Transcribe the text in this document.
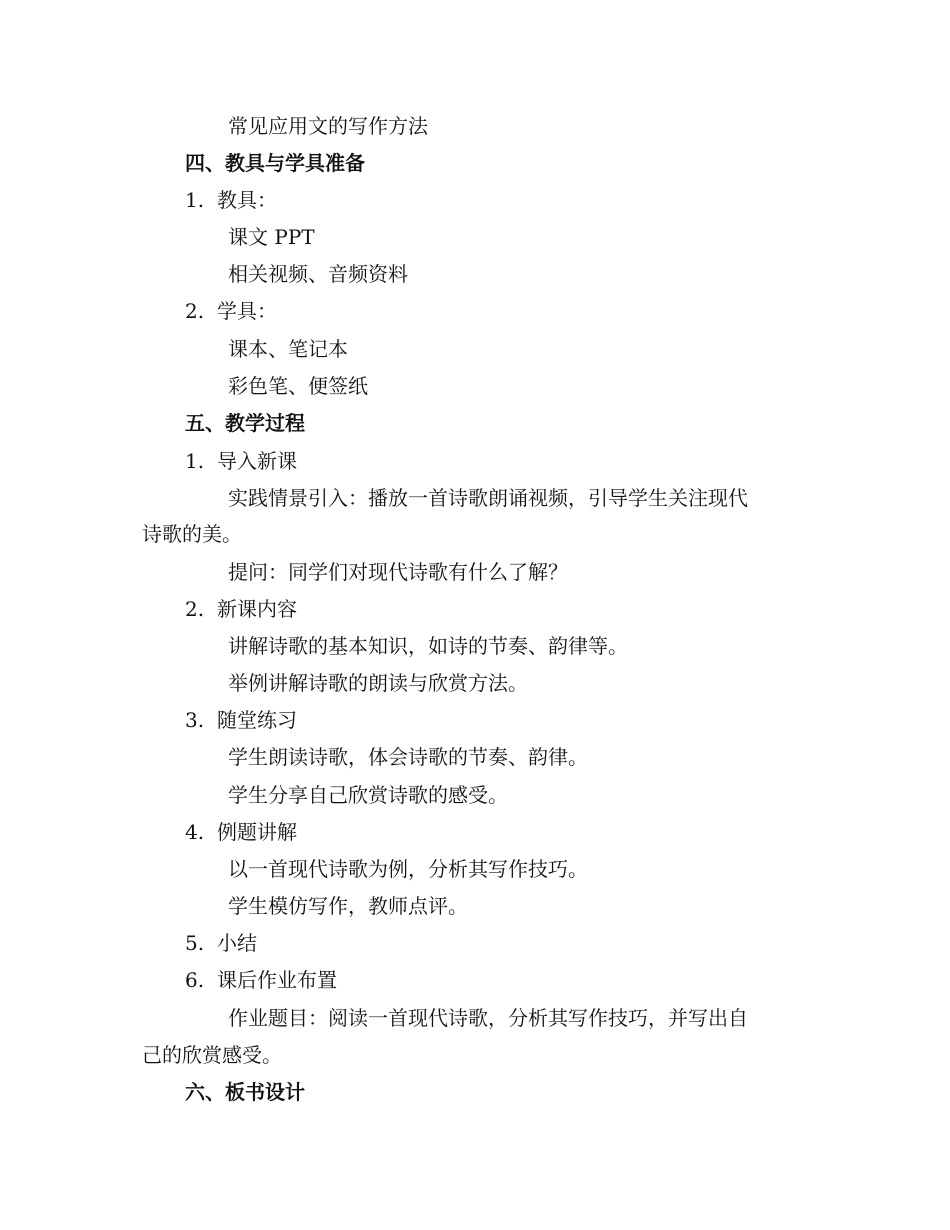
常见应用文的写作方法
四、教具与学具准备
1. 教具：
课文 PPT
相关视频、音频资料
2. 学具：
课本、笔记本
彩色笔、便签纸
五、教学过程
1. 导入新课
实践情景引入：播放一首诗歌朗诵视频，引导学生关注现代
诗歌的美。
提问：同学们对现代诗歌有什么了解？
2. 新课内容
讲解诗歌的基本知识，如诗的节奏、韵律等。
举例讲解诗歌的朗读与欣赏方法。
3. 随堂练习
学生朗读诗歌，体会诗歌的节奏、韵律。
学生分享自己欣赏诗歌的感受。
4. 例题讲解
以一首现代诗歌为例，分析其写作技巧。
学生模仿写作，教师点评。
5. 小结
6. 课后作业布置
作业题目：阅读一首现代诗歌，分析其写作技巧，并写出自
己的欣赏感受。
六、板书设计
